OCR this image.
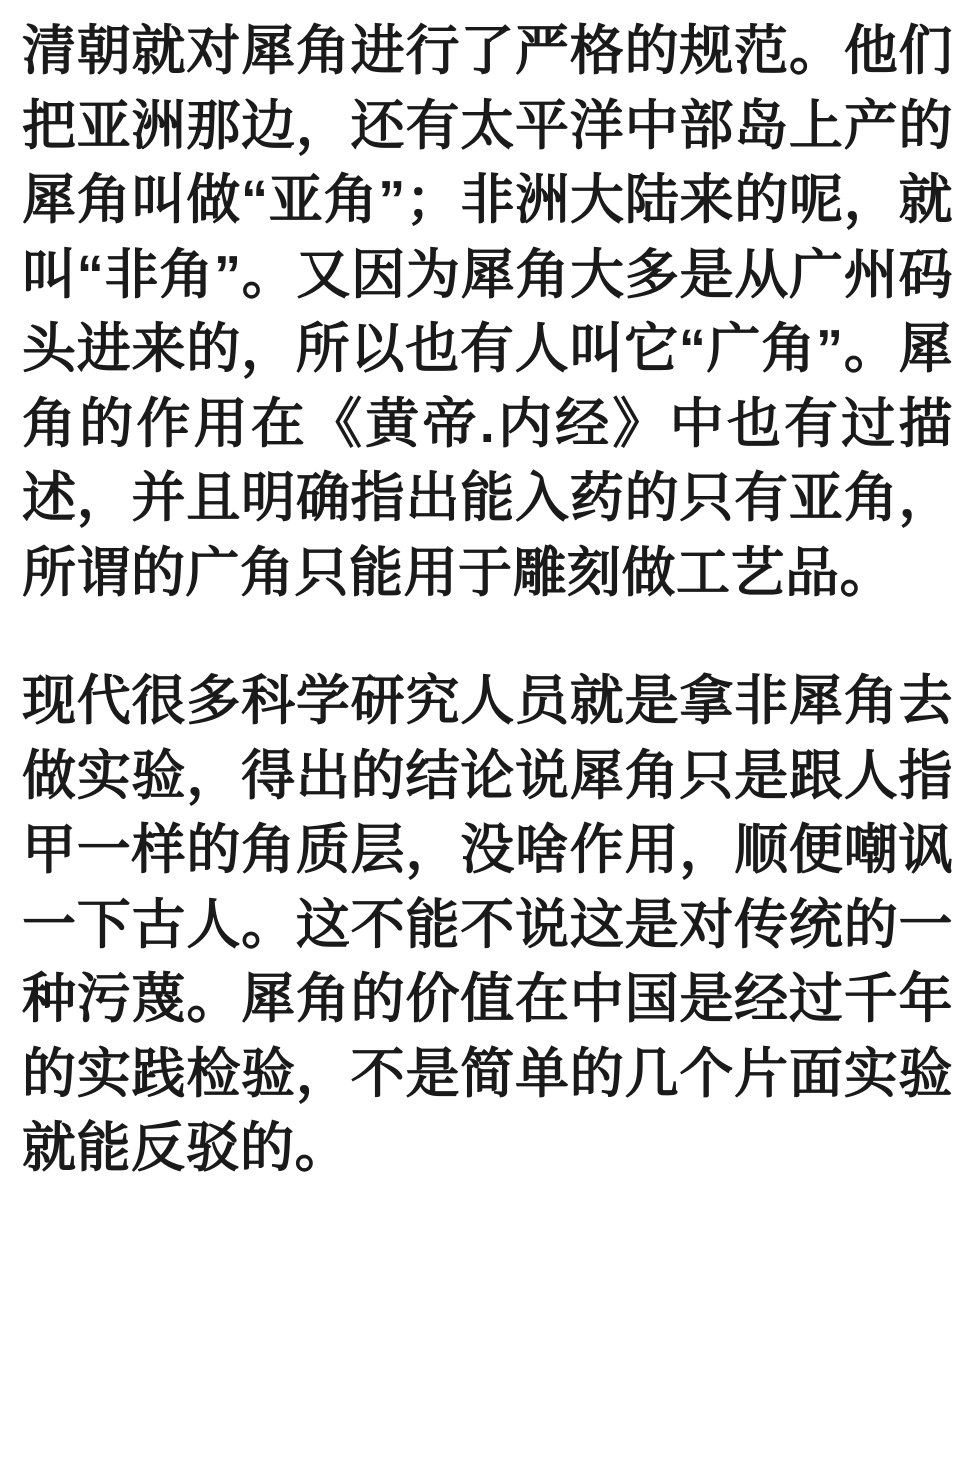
清朝就对犀角进行了严格的规范。他们把亚洲那边，还有太平洋中部岛上产的犀角叫做“亚角”；非洲大陆来的呢，就叫“非角”。又因为犀角大多是从广州码头进来的，所以也有人叫它“广角”。犀角的作用在《黄帝.内经》中也有过描述，并且明确指出能入药的只有亚角，所谓的广角只能用于雕刻做工艺品。

现代很多科学研究人员就是拿非犀角去做实验，得出的结论说犀角只是跟人指甲一样的角质层，没啥作用，顺便嘲讽一下古人。这不能不说这是对传统的一种污蔑。犀角的价值在中国是经过千年的实践检验，不是简单的几个片面实验就能反驳的。
